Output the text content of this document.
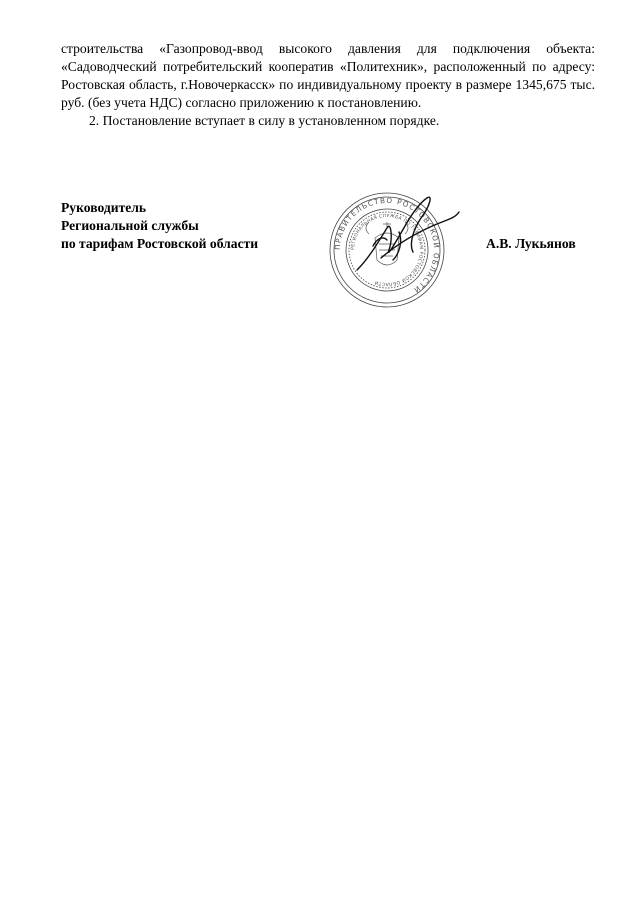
строительства «Газопровод-ввод высокого давления для подключения объекта: «Садоводческий потребительский кооператив «Политехник», расположенный по адресу: Ростовская область, г.Новочеркасск» по индивидуальному проекту в размере 1345,675 тыс. руб. (без учета НДС) согласно приложению к постановлению.

2. Постановление вступает в силу в установленном порядке.

Руководитель
Региональной службы
по тарифам Ростовской области	ПРАВИТЕЛЬСТВО РОСТОВСКОЙ ОБЛАСТИ
РЕГИОНАЛЬНАЯ СЛУЖБА ПО ТАРИФАМ РОСТОВСКОЙ ОБЛАСТИ
А.В. Лукьянов
